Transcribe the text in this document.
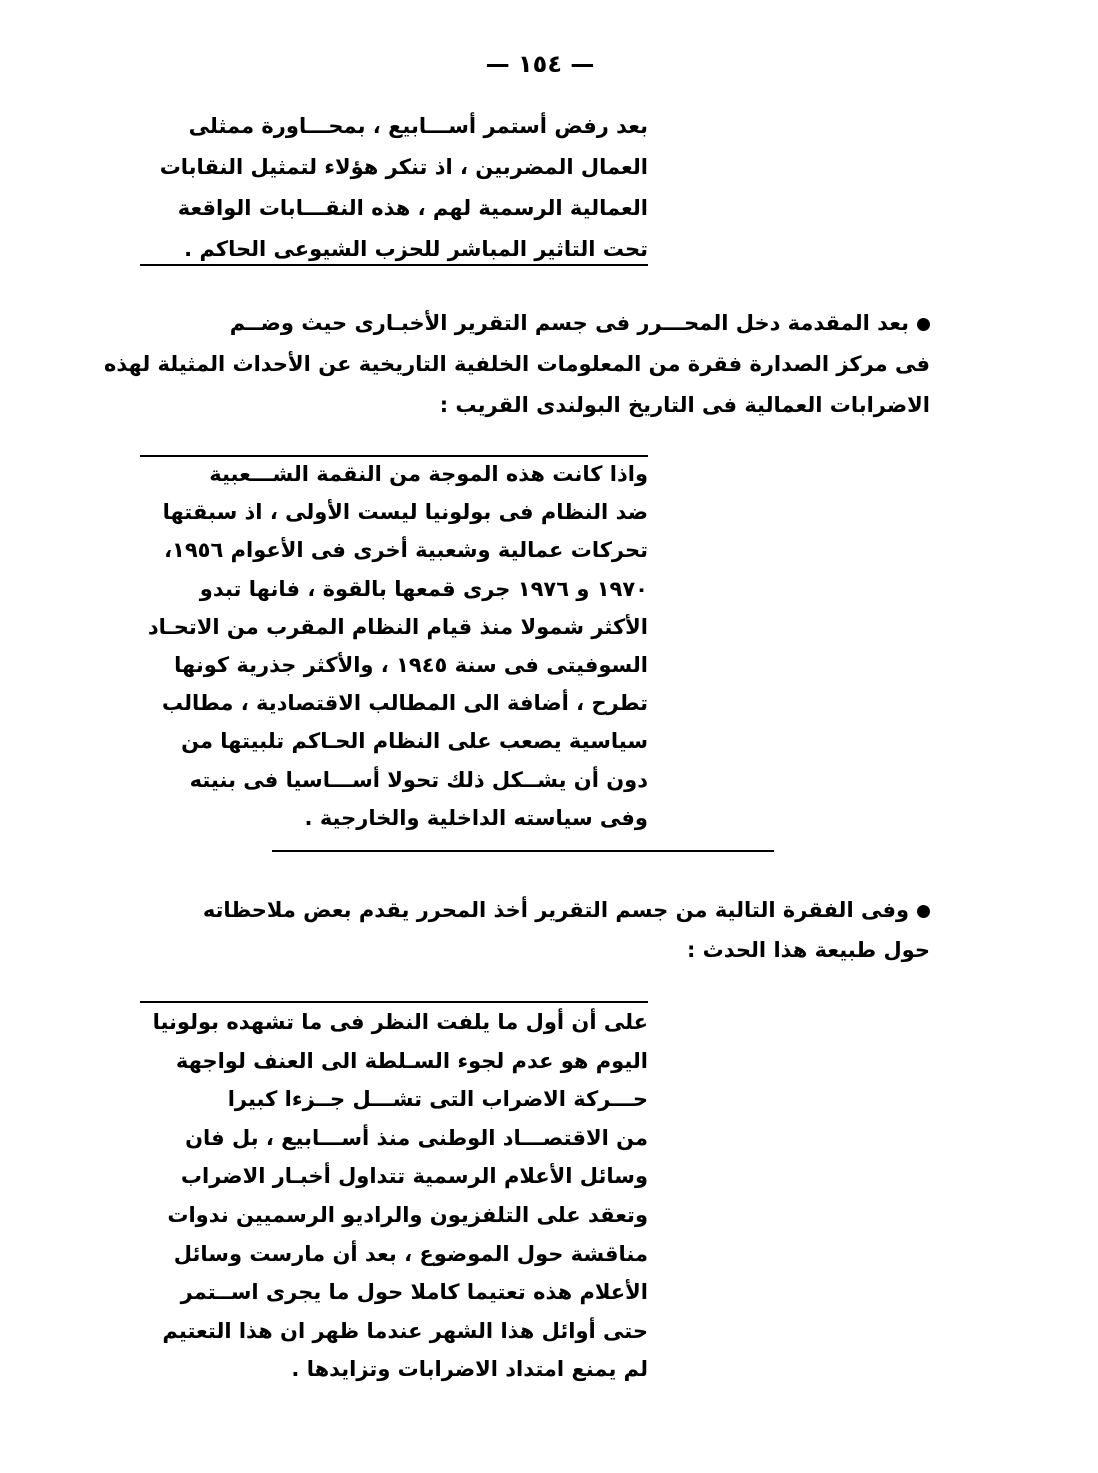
— ١٥٤ —
بعد رفض أستمر أســـابيع ، بمحـــاورة ممثلى
العمال المضربين ، اذ تنكر هؤلاء لتمثيل النقابات
العمالية الرسمية لهم ، هذه النقـــابات الواقعة
تحت التاثير المباشر للحزب الشيوعى الحاكم .
بعد المقدمة دخل المحـــرر فى جسم التقرير الأخبـارى حيث وضــم
فى مركز الصدارة فقرة من المعلومات الخلفية التاريخية عن الأحداث المثيلة لهذه
الاضرابات العمالية فى التاريخ البولندى القريب :
واذا كانت هذه الموجة من النقمة الشـــعبية
ضد النظام فى بولونيا ليست الأولى ، اذ سبقتها
تحركات عمالية وشعبية أخرى فى الأعوام ١٩٥٦،
١٩٧٠ و ١٩٧٦ جرى قمعها بالقوة ، فانها تبدو
الأكثر شمولا منذ قيام النظام المقرب من الاتحـاد
السوفيتى فى سنة ١٩٤٥ ، والأكثر جذرية كونها
تطرح ، أضافة الى المطالب الاقتصادية ، مطالب
سياسية يصعب على النظام الحـاكم تلبيتها من
دون أن يشــكل ذلك تحولا أســـاسيا فى بنيته
وفى سياسته الداخلية والخارجية .
وفى الفقرة التالية من جسم التقرير أخذ المحرر يقدم بعض ملاحظاته
حول طبيعة هذا الحدث :
على أن أول ما يلفت النظر فى ما تشهده بولونيا
اليوم هو عدم لجوء السـلطة الى العنف لواجهة
حـــركة الاضراب التى تشـــل جــزءا كبيرا
من الاقتصـــاد الوطنى منذ أســـابيع ، بل فان
وسائل الأعلام الرسمية تتداول أخبـار الاضراب
وتعقد على التلفزيون والراديو الرسميين ندوات
مناقشة حول الموضوع ، بعد أن مارست وسائل
الأعلام هذه تعتيما كاملا حول ما يجرى اســتمر
حتى أوائل هذا الشهر عندما ظهر ان هذا التعتيم
لم يمنع امتداد الاضرابات وتزايدها .
